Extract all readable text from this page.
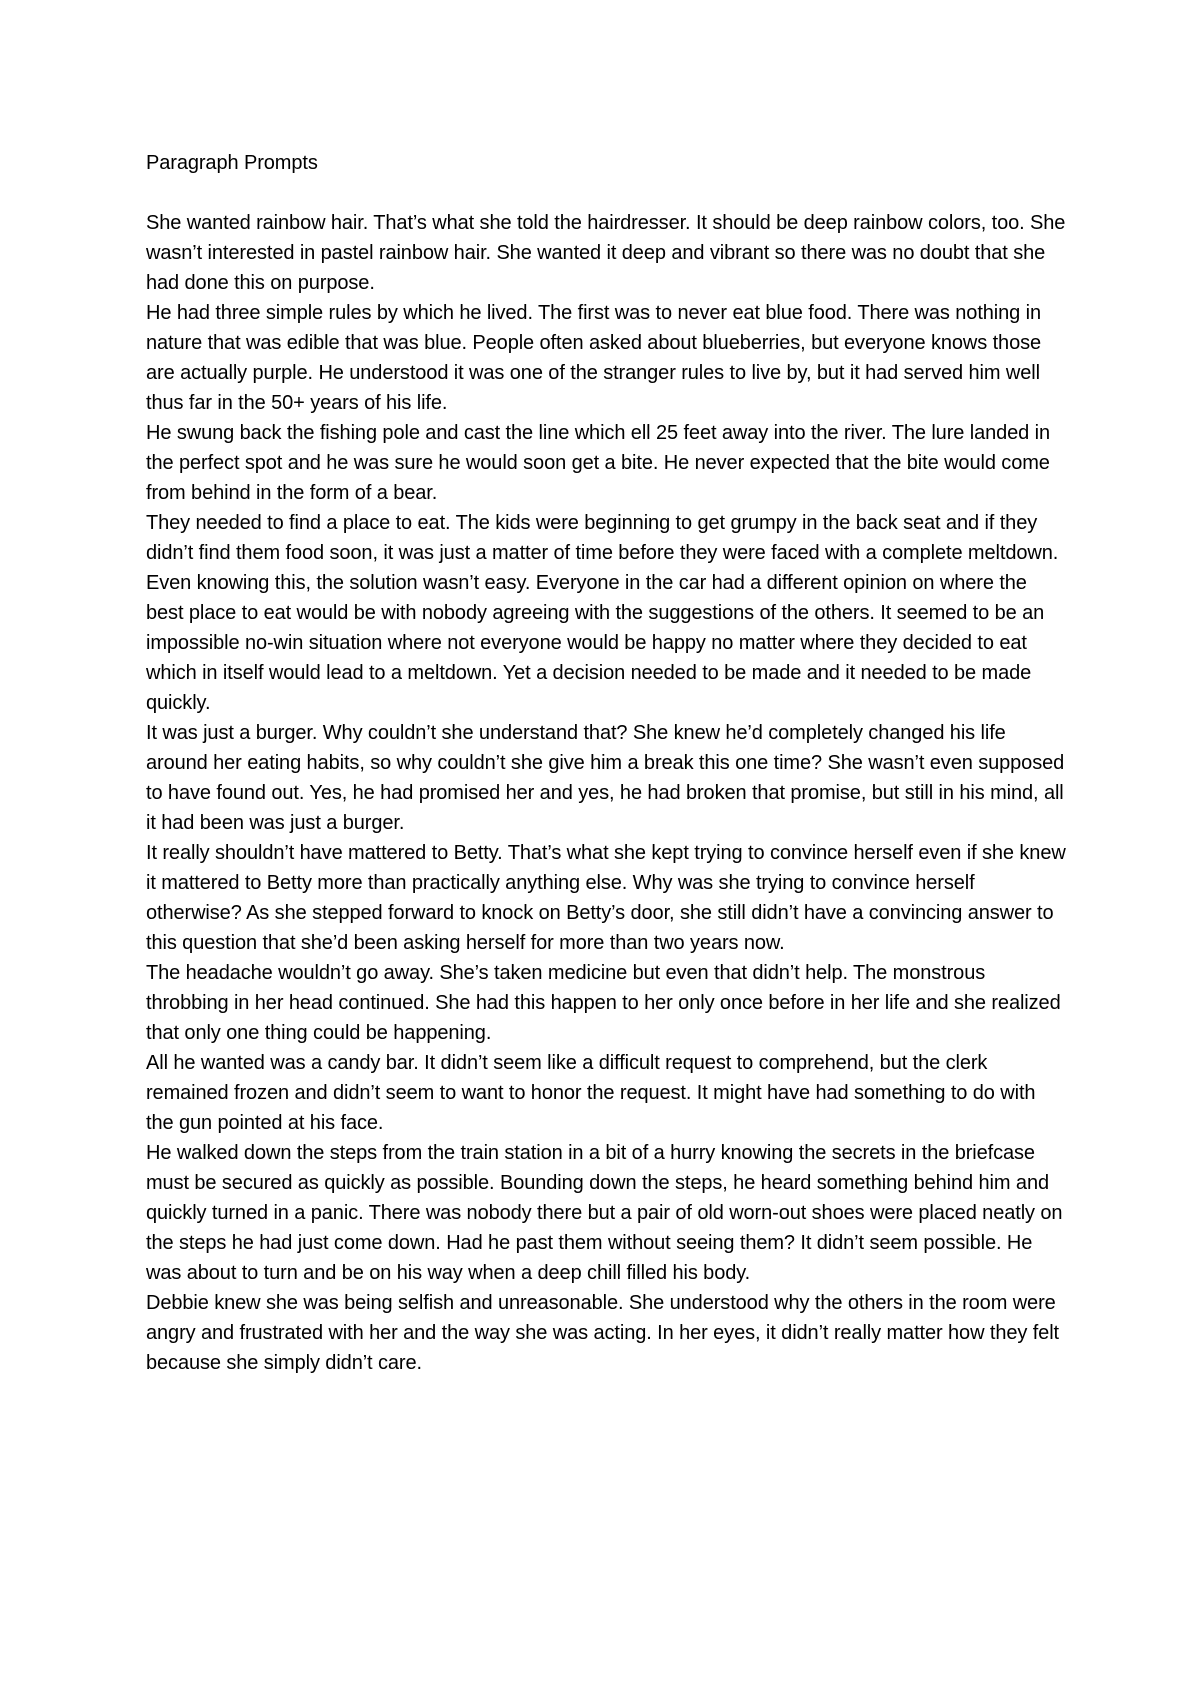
Paragraph Prompts

She wanted rainbow hair. That’s what she told the hairdresser. It should be deep rainbow colors, too. She wasn’t interested in pastel rainbow hair. She wanted it deep and vibrant so there was no doubt that she had done this on purpose.

He had three simple rules by which he lived. The first was to never eat blue food. There was nothing in nature that was edible that was blue. People often asked about blueberries, but everyone knows those are actually purple. He understood it was one of the stranger rules to live by, but it had served him well thus far in the 50+ years of his life.

He swung back the fishing pole and cast the line which ell 25 feet away into the river. The lure landed in the perfect spot and he was sure he would soon get a bite. He never expected that the bite would come from behind in the form of a bear.

They needed to find a place to eat. The kids were beginning to get grumpy in the back seat and if they didn’t find them food soon, it was just a matter of time before they were faced with a complete meltdown. Even knowing this, the solution wasn’t easy. Everyone in the car had a different opinion on where the best place to eat would be with nobody agreeing with the suggestions of the others. It seemed to be an impossible no-win situation where not everyone would be happy no matter where they decided to eat which in itself would lead to a meltdown. Yet a decision needed to be made and it needed to be made quickly.

It was just a burger. Why couldn’t she understand that? She knew he’d completely changed his life around her eating habits, so why couldn’t she give him a break this one time? She wasn’t even supposed to have found out. Yes, he had promised her and yes, he had broken that promise, but still in his mind, all it had been was just a burger.

It really shouldn’t have mattered to Betty. That’s what she kept trying to convince herself even if she knew it mattered to Betty more than practically anything else. Why was she trying to convince herself otherwise? As she stepped forward to knock on Betty’s door, she still didn’t have a convincing answer to this question that she’d been asking herself for more than two years now.

The headache wouldn’t go away. She’s taken medicine but even that didn’t help. The monstrous throbbing in her head continued. She had this happen to her only once before in her life and she realized that only one thing could be happening.

All he wanted was a candy bar. It didn’t seem like a difficult request to comprehend, but the clerk remained frozen and didn’t seem to want to honor the request. It might have had something to do with the gun pointed at his face.

He walked down the steps from the train station in a bit of a hurry knowing the secrets in the briefcase must be secured as quickly as possible. Bounding down the steps, he heard something behind him and quickly turned in a panic. There was nobody there but a pair of old worn-out shoes were placed neatly on the steps he had just come down. Had he past them without seeing them? It didn’t seem possible. He was about to turn and be on his way when a deep chill filled his body.

Debbie knew she was being selfish and unreasonable. She understood why the others in the room were angry and frustrated with her and the way she was acting. In her eyes, it didn’t really matter how they felt because she simply didn’t care.
